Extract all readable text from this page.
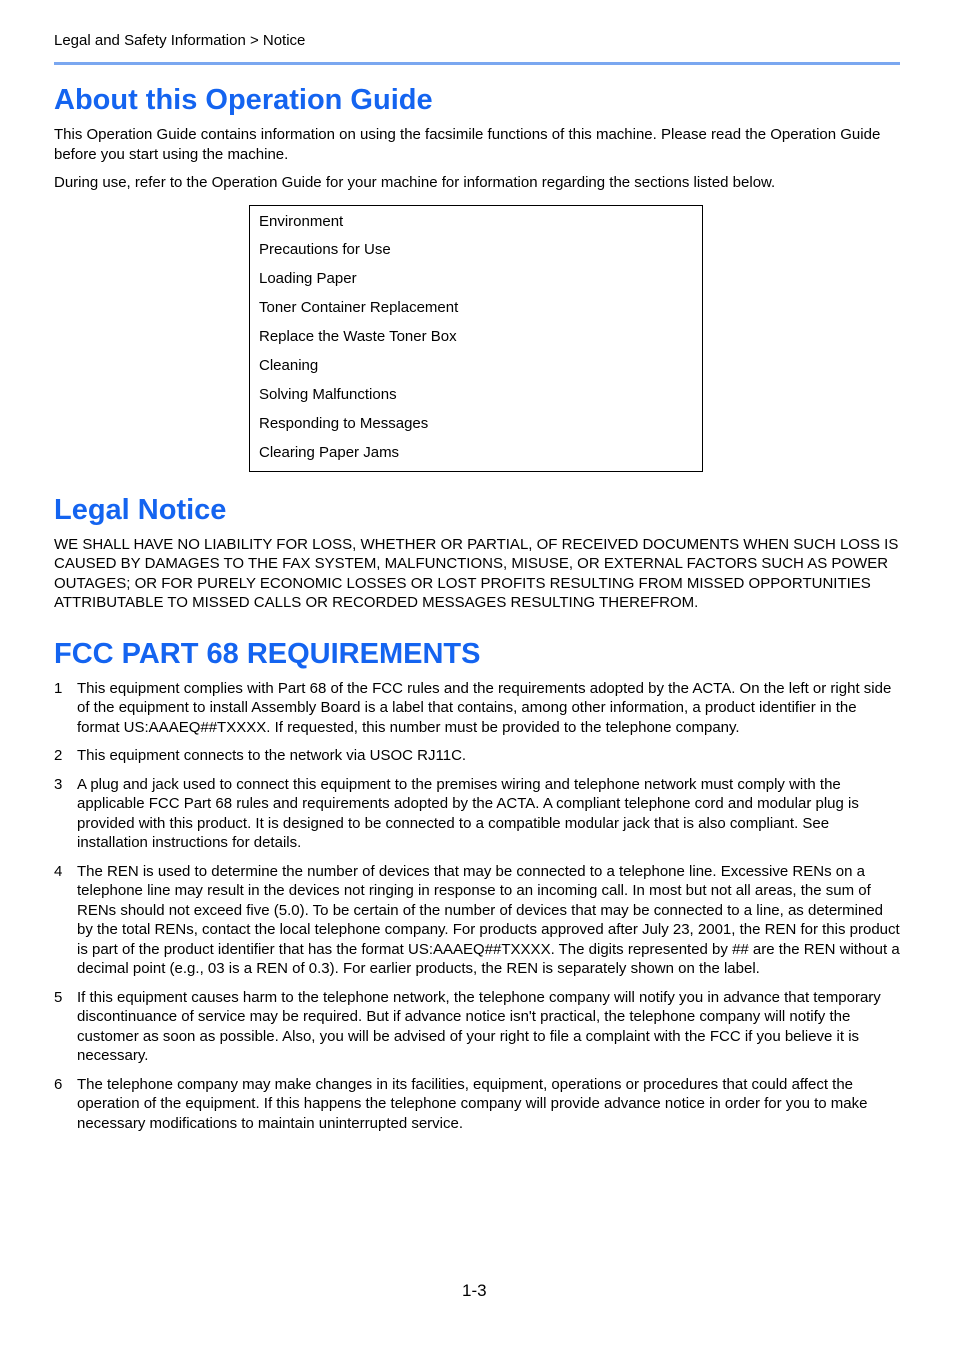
Legal and Safety Information > Notice
About this Operation Guide

This Operation Guide contains information on using the facsimile functions of this machine. Please read the Operation Guide before you start using the machine.

During use, refer to the Operation Guide for your machine for information regarding the sections listed below.

Environment
Precautions for Use
Loading Paper
Toner Container Replacement
Replace the Waste Toner Box
Cleaning
Solving Malfunctions
Responding to Messages
Clearing Paper Jams
Legal Notice

WE SHALL HAVE NO LIABILITY FOR LOSS, WHETHER OR PARTIAL, OF RECEIVED DOCUMENTS WHEN SUCH LOSS IS CAUSED BY DAMAGES TO THE FAX SYSTEM, MALFUNCTIONS, MISUSE, OR EXTERNAL FACTORS SUCH AS POWER OUTAGES; OR FOR PURELY ECONOMIC LOSSES OR LOST PROFITS RESULTING FROM MISSED OPPORTUNITIES ATTRIBUTABLE TO MISSED CALLS OR RECORDED MESSAGES RESULTING THEREFROM.

FCC PART 68 REQUIREMENTS
1 This equipment complies with Part 68 of the FCC rules and the requirements adopted by the ACTA. On the left or right side of the equipment to install Assembly Board is a label that contains, among other information, a product identifier in the format US:AAAEQ##TXXXX. If requested, this number must be provided to the telephone company.
2 This equipment connects to the network via USOC RJ11C.
3 A plug and jack used to connect this equipment to the premises wiring and telephone network must comply with the applicable FCC Part 68 rules and requirements adopted by the ACTA. A compliant telephone cord and modular plug is provided with this product. It is designed to be connected to a compatible modular jack that is also compliant. See installation instructions for details.
4 The REN is used to determine the number of devices that may be connected to a telephone line. Excessive RENs on a telephone line may result in the devices not ringing in response to an incoming call. In most but not all areas, the sum of RENs should not exceed five (5.0). To be certain of the number of devices that may be connected to a line, as determined by the total RENs, contact the local telephone company. For products approved after July 23, 2001, the REN for this product is part of the product identifier that has the format US:AAAEQ##TXXXX. The digits represented by ## are the REN without a decimal point (e.g., 03 is a REN of 0.3). For earlier products, the REN is separately shown on the label.
5 If this equipment causes harm to the telephone network, the telephone company will notify you in advance that temporary discontinuance of service may be required. But if advance notice isn't practical, the telephone company will notify the customer as soon as possible. Also, you will be advised of your right to file a complaint with the FCC if you believe it is necessary.
6 The telephone company may make changes in its facilities, equipment, operations or procedures that could affect the operation of the equipment. If this happens the telephone company will provide advance notice in order for you to make necessary modifications to maintain uninterrupted service.
1-3
